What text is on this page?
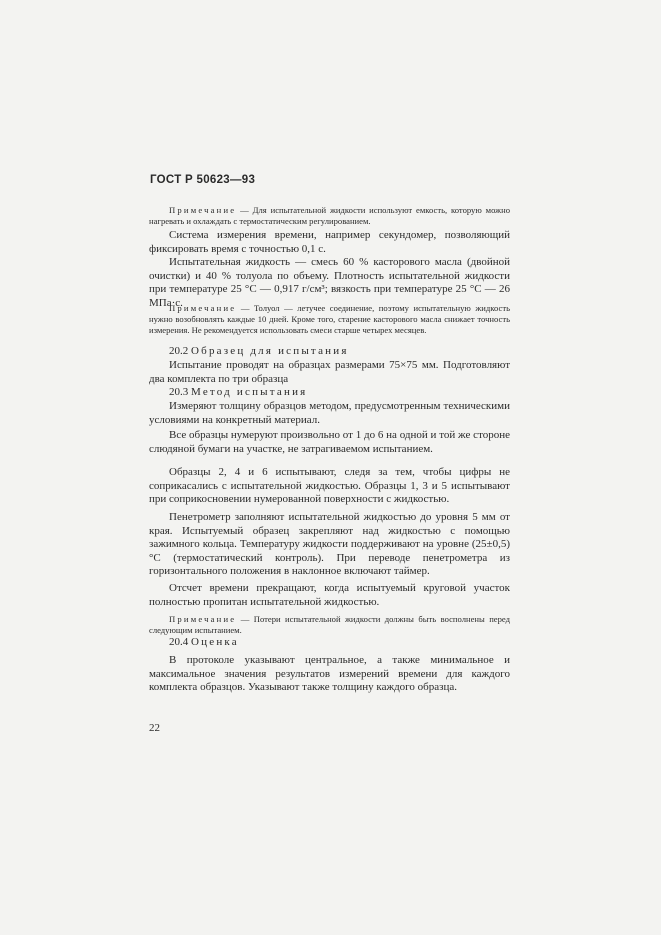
ГОСТ Р 50623—93

Примечание — Для испытательной жидкости используют емкость, которую можно нагревать и охлаждать с термостатическим регулированием.

Система измерения времени, например секундомер, позволяющий фиксировать время с точностью 0,1 с.

Испытательная жидкость — смесь 60 % касторового масла (двойной очистки) и 40 % толуола по объему. Плотность испытательной жидкости при температуре 25 °С — 0,917 г/см³; вязкость при температуре 25 °С — 26 МПа·с.

Примечание — Толуол — летучее соединение, поэтому испытательную жидкость нужно возобновлять каждые 10 дней. Кроме того, старение касторового масла снижает точность измерения. Не рекомендуется использовать смеси старше четырех месяцев.

20.2 Образец для испытания

Испытание проводят на образцах размерами 75×75 мм. Подготовляют два комплекта по три образца

20.3 Метод испытания

Измеряют толщину образцов методом, предусмотренным техническими условиями на конкретный материал.

Все образцы нумеруют произвольно от 1 до 6 на одной и той же стороне слюдяной бумаги на участке, не затрагиваемом испытанием.

Образцы 2, 4 и 6 испытывают, следя за тем, чтобы цифры не соприкасались с испытательной жидкостью. Образцы 1, 3 и 5 испытывают при соприкосновении нумерованной поверхности с жидкостью.

Пенетрометр заполняют испытательной жидкостью до уровня 5 мм от края. Испытуемый образец закрепляют над жидкостью с помощью зажимного кольца. Температуру жидкости поддерживают на уровне (25±0,5) °С (термостатический контроль). При переводе пенетрометра из горизонтального положения в наклонное включают таймер.

Отсчет времени прекращают, когда испытуемый круговой участок полностью пропитан испытательной жидкостью.

Примечание — Потери испытательной жидкости должны быть восполнены перед следующим испытанием.

20.4 Оценка

В протоколе указывают центральное, а также минимальное и максимальное значения результатов измерений времени для каждого комплекта образцов. Указывают также толщину каждого образца.

22
